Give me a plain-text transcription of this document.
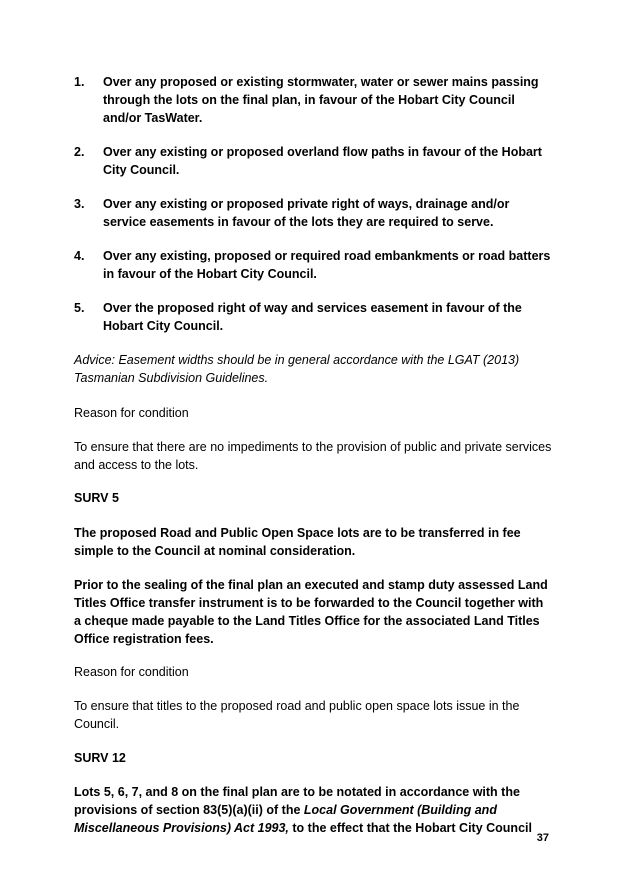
1.	Over any proposed or existing stormwater, water or sewer mains passing through the lots on the final plan, in favour of the Hobart City Council and/or TasWater.
2.	Over any existing or proposed overland flow paths in favour of the Hobart City Council.
3.	Over any existing or proposed private right of ways, drainage and/or service easements in favour of the lots they are required to serve.
4.	Over any existing, proposed or required road embankments or road batters in favour of the Hobart City Council.
5.	Over the proposed right of way and services easement in favour of the Hobart City Council.

Advice: Easement widths should be in general accordance with the LGAT (2013) Tasmanian Subdivision Guidelines.

Reason for condition

To ensure that there are no impediments to the provision of public and private services and access to the lots.

SURV 5

The proposed Road and Public Open Space lots are to be transferred in fee simple to the Council at nominal consideration.

Prior to the sealing of the final plan an executed and stamp duty assessed Land Titles Office transfer instrument is to be forwarded to the Council together with a cheque made payable to the Land Titles Office for the associated Land Titles Office registration fees.

Reason for condition

To ensure that titles to the proposed road and public open space lots issue in the Council.

SURV 12

Lots 5, 6, 7, and 8 on the final plan are to be notated in accordance with the provisions of section 83(5)(a)(ii) of the Local Government (Building and Miscellaneous Provisions) Act 1993, to the effect that the Hobart City Council

37
